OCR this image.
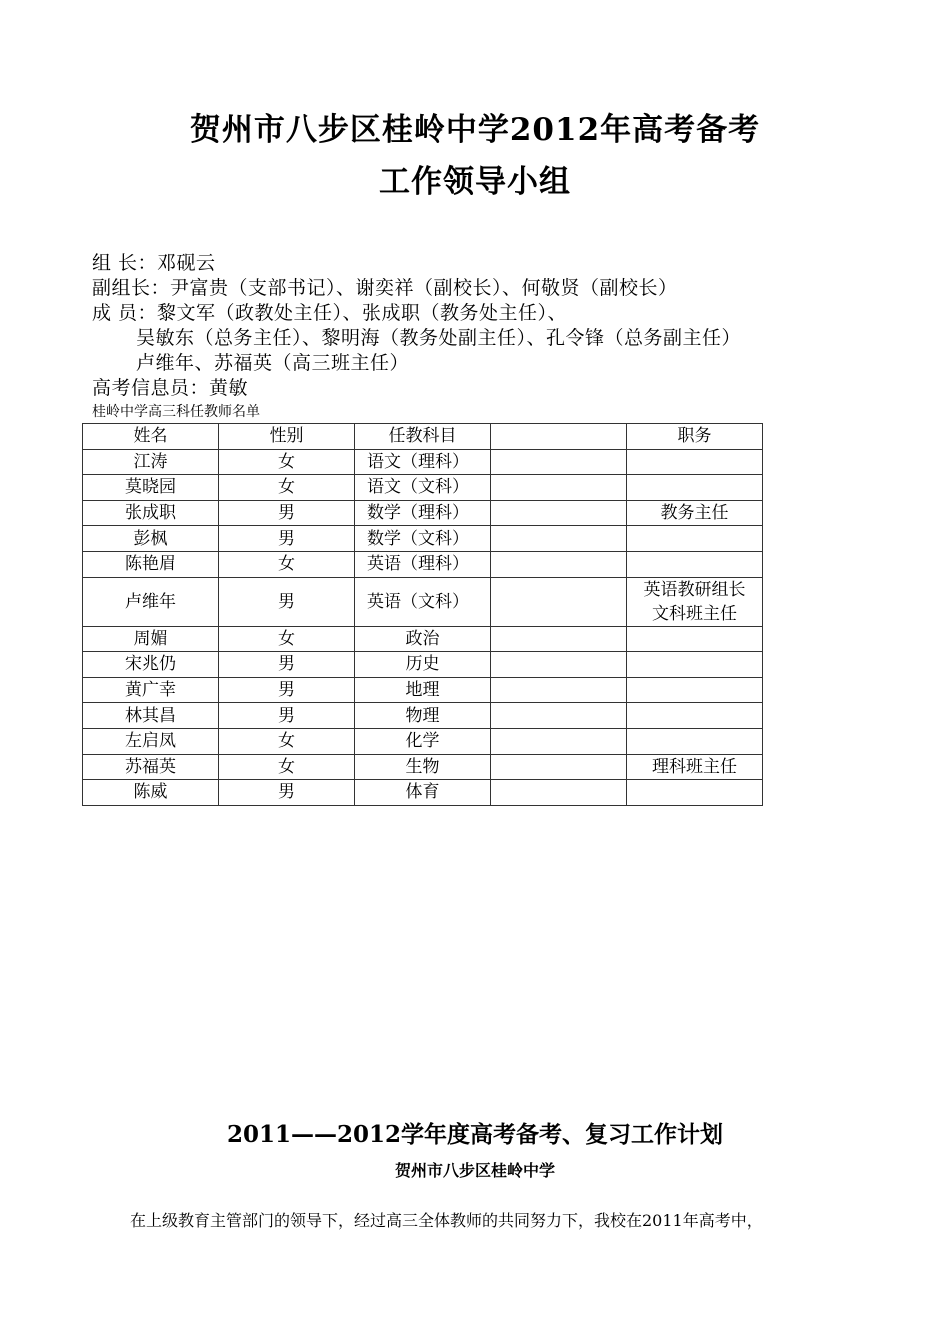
贺州市八步区桂岭中学2012年高考备考
工作领导小组
组 长：邓砚云
副组长：尹富贵（支部书记）、谢奕祥（副校长）、何敬贤（副校长）
成 员：黎文军（政教处主任）、张成职（教务处主任）、
吴敏东（总务主任）、黎明海（教务处副主任）、孔令锋（总务副主任）
卢维年、苏福英（高三班主任）
高考信息员：黄敏
桂岭中学高三科任教师名单
姓名	性别	任教科目		职务
江涛	女	语文（理科）		
莫晓园	女	语文（文科）		
张成职	男	数学（理科）		教务主任
彭枫	男	数学（文科）		
陈艳眉	女	英语（理科）		
卢维年	男	英语（文科）		英语教研组长
文科班主任

周媚	女	政治		
宋兆仍	男	历史		
黄广幸	男	地理		
林其昌	男	物理		
左启凤	女	化学		
苏福英	女	生物		理科班主任
陈威	男	体育		
2011——2012学年度高考备考、复习工作计划
贺州市八步区桂岭中学
在上级教育主管部门的领导下，经过高三全体教师的共同努力下，我校在2011年高考中，
